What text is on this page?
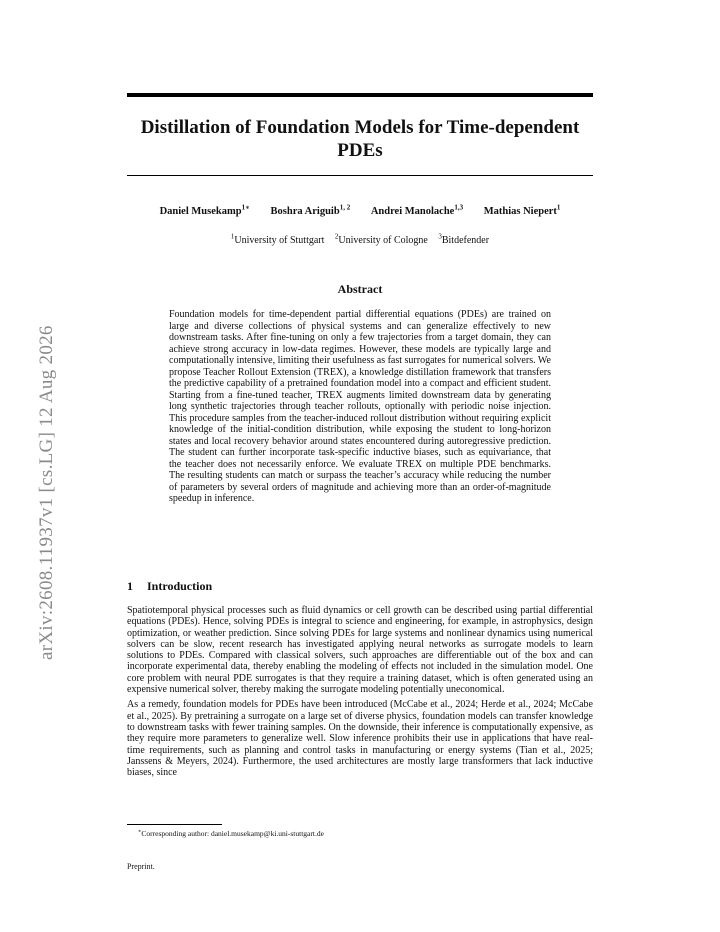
arXiv:2608.11937v1 [cs.LG] 12 Aug 2026
Distillation of Foundation Models for Time-dependent PDEs
Daniel Musekamp$^{1∗}$ Boshra Ariguib$^{1, 2}$ Andrei Manolache$^{1,3}$ Mathias Niepert$^1$
$^1$University of Stuttgart $^2$University of Cologne $^3$Bitdefender
Abstract
Foundation models for time-dependent partial differential equations (PDEs) are trained on large and diverse collections of physical systems and can generalize effectively to new downstream tasks. After fine-tuning on only a few trajectories from a target domain, they can achieve strong accuracy in low-data regimes. However, these models are typically large and computationally intensive, limiting their usefulness as fast surrogates for numerical solvers. We propose Teacher Rollout Extension (TREX), a knowledge distillation framework that transfers the predictive capability of a pretrained foundation model into a compact and efficient student. Starting from a fine-tuned teacher, TREX augments limited downstream data by generating long synthetic trajectories through teacher rollouts, optionally with periodic noise injection. This procedure samples from the teacher-induced rollout distribution without requiring explicit knowledge of the initial-condition distribution, while exposing the student to long-horizon states and local recovery behavior around states encountered during autoregressive prediction. The student can further incorporate task-specific inductive biases, such as equivariance, that the teacher does not necessarily enforce. We evaluate TREX on multiple PDE benchmarks. The resulting students can match or surpass the teacher’s accuracy while reducing the number of parameters by several orders of magnitude and achieving more than an order-of-magnitude speedup in inference.
1 Introduction

Spatiotemporal physical processes such as fluid dynamics or cell growth can be described using partial differential equations (PDEs). Hence, solving PDEs is integral to science and engineering, for example, in astrophysics, design optimization, or weather prediction. Since solving PDEs for large systems and nonlinear dynamics using numerical solvers can be slow, recent research has investigated applying neural networks as surrogate models to learn solutions to PDEs. Compared with classical solvers, such approaches are differentiable out of the box and can incorporate experimental data, thereby enabling the modeling of effects not included in the simulation model. One core problem with neural PDE surrogates is that they require a training dataset, which is often generated using an expensive numerical solver, thereby making the surrogate modeling potentially uneconomical.

As a remedy, foundation models for PDEs have been introduced (McCabe et al., 2024; Herde et al., 2024; McCabe et al., 2025). By pretraining a surrogate on a large set of diverse physics, foundation models can transfer knowledge to downstream tasks with fewer training samples. On the downside, their inference is computationally expensive, as they require more parameters to generalize well. Slow inference prohibits their use in applications that have real-time requirements, such as planning and control tasks in manufacturing or energy systems (Tian et al., 2025; Janssens & Meyers, 2024). Furthermore, the used architectures are mostly large transformers that lack inductive biases, since

∗Corresponding author: daniel.musekamp@ki.uni-stuttgart.de
Preprint.
